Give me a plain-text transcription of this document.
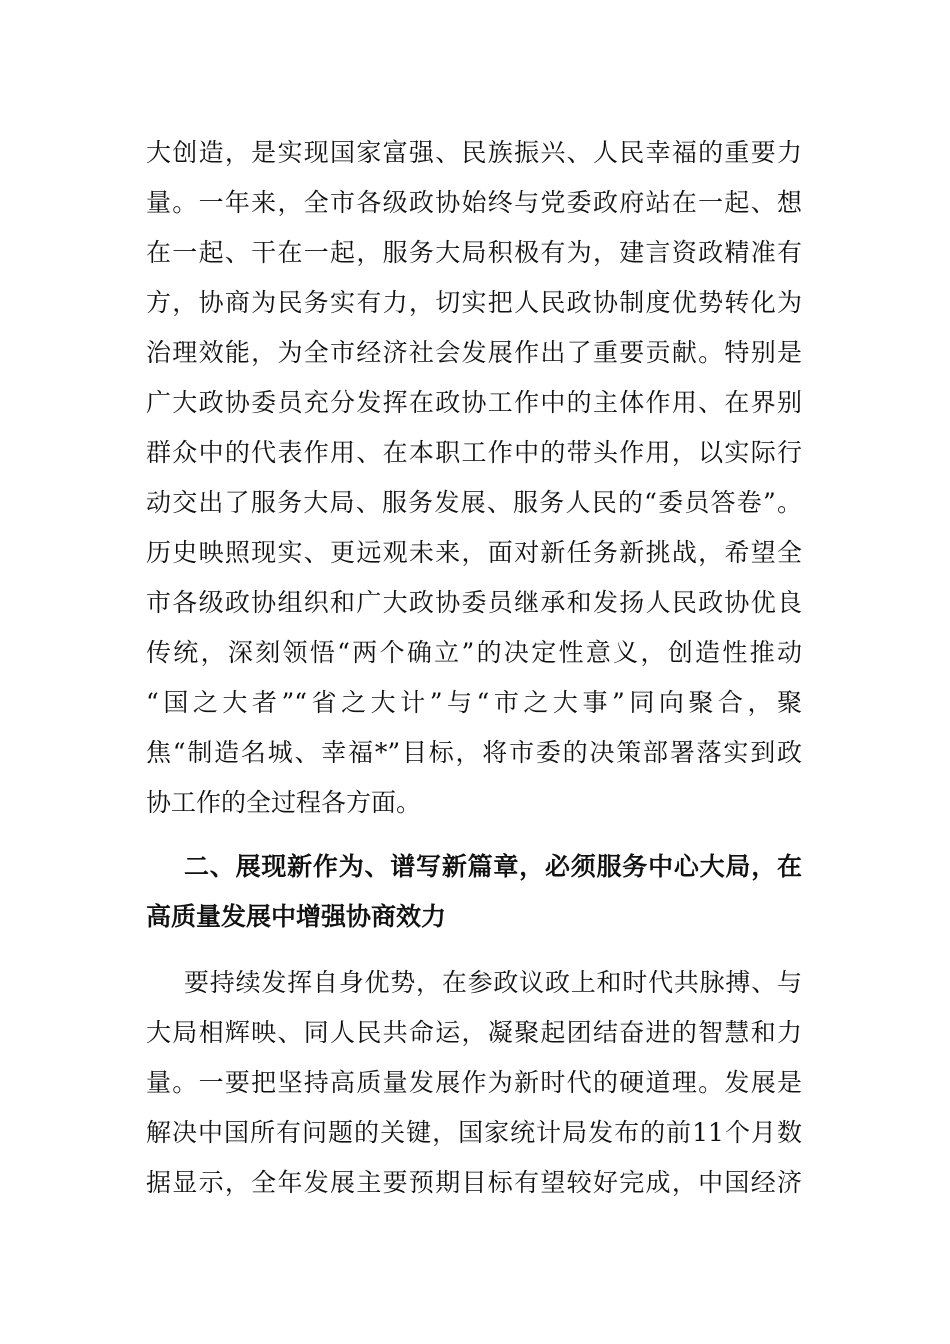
大创造，是实现国家富强、民族振兴、人民幸福的重要力
量。一年来，全市各级政协始终与党委政府站在一起、想
在一起、干在一起，服务大局积极有为，建言资政精准有
方，协商为民务实有力，切实把人民政协制度优势转化为
治理效能，为全市经济社会发展作出了重要贡献。特别是
广大政协委员充分发挥在政协工作中的主体作用、在界别
群众中的代表作用、在本职工作中的带头作用，以实际行
动交出了服务大局、服务发展、服务人民的“委员答卷”。
历史映照现实、更远观未来，面对新任务新挑战，希望全
市各级政协组织和广大政协委员继承和发扬人民政协优良
传统，深刻领悟“两个确立”的决定性意义，创造性推动
“国之大者”“省之大计”与“市之大事”同向聚合，聚
焦“制造名城、幸福*”目标，将市委的决策部署落实到政
协工作的全过程各方面。
二、展现新作为、谱写新篇章，必须服务中心大局，在
高质量发展中增强协商效力
要持续发挥自身优势，在参政议政上和时代共脉搏、与
大局相辉映、同人民共命运，凝聚起团结奋进的智慧和力
量。一要把坚持高质量发展作为新时代的硬道理。发展是
解决中国所有问题的关键，国家统计局发布的前11个月数
据显示，全年发展主要预期目标有望较好完成，中国经济
